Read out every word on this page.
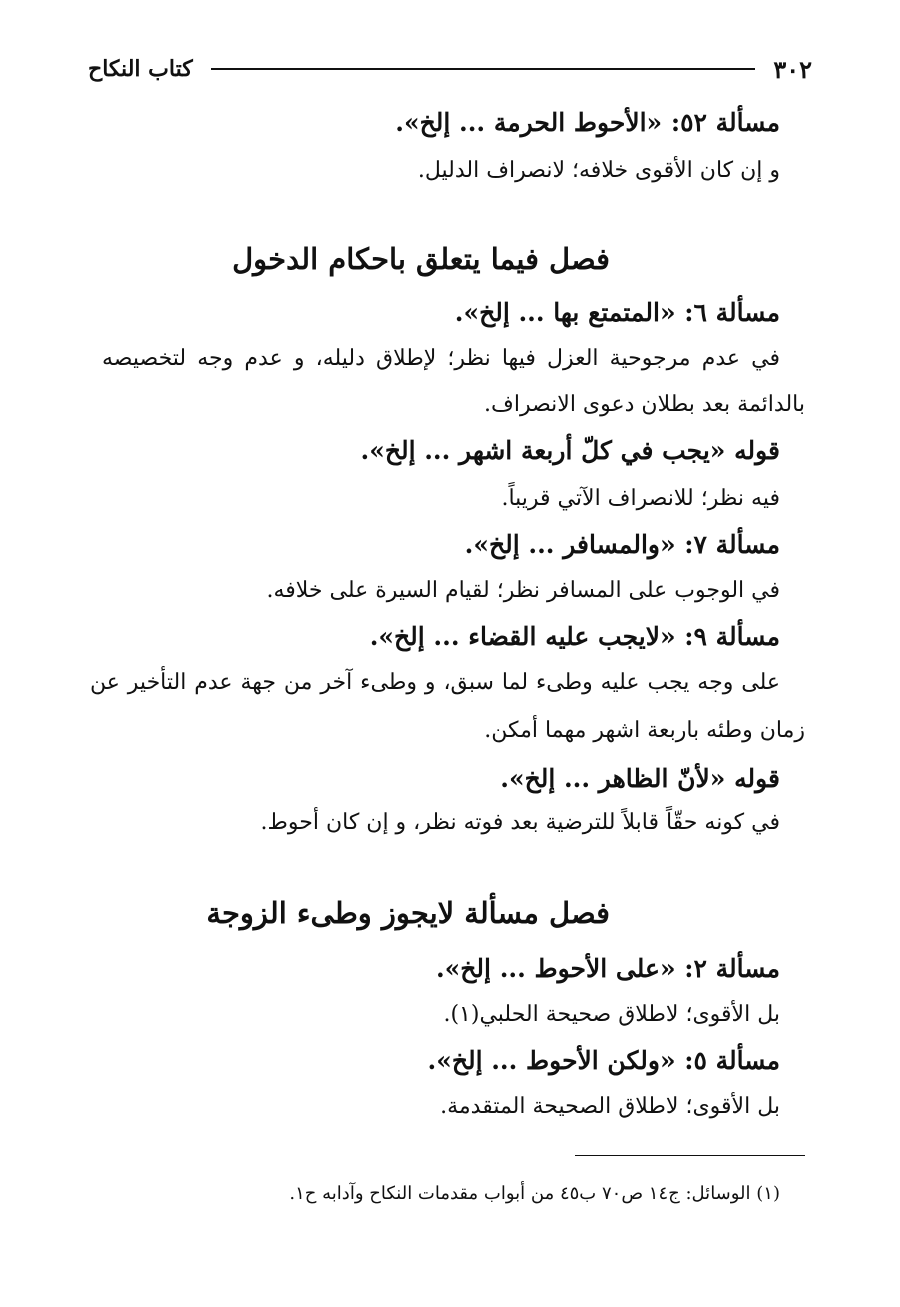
٣٠٢
كتاب النكاح
مسألة ٥٢: «الأحوط الحرمة ... إلخ».
و إن كان الأقوى خلافه؛ لانصراف الدليل.
فصل فيما يتعلق باحكام الدخول
مسألة ٦: «المتمتع بها ... إلخ».
في عدم مرجوحية العزل فيها نظر؛ لإطلاق دليله، و عدم وجه لتخصيصه
بالدائمة بعد بطلان دعوى الانصراف.
قوله «يجب في كلّ أربعة اشهر ... إلخ».
فيه نظر؛ للانصراف الآتي قريباً.
مسألة ٧: «والمسافر ... إلخ».
في الوجوب على المسافر نظر؛ لقيام السيرة على خلافه.
مسألة ٩: «لايجب عليه القضاء ... إلخ».
على وجه يجب عليه وطىء لما سبق، و وطىء آخر من جهة عدم التأخير عن
زمان وطئه باربعة اشهر مهما أمكن.
قوله «لأنّ الظاهر ... إلخ».
في كونه حقّاً قابلاً للترضية بعد فوته نظر، و إن كان أحوط.
فصل مسألة لايجوز وطىء الزوجة
مسألة ٢: «على الأحوط ... إلخ».
بل الأقوى؛ لاطلاق صحيحة الحلبي(١).
مسألة ٥: «ولكن الأحوط ... إلخ».
بل الأقوى؛ لاطلاق الصحيحة المتقدمة.
(١) الوسائل: ج١٤ ص٧٠ ب٤٥ من أبواب مقدمات النكاح وآدابه ح١.
